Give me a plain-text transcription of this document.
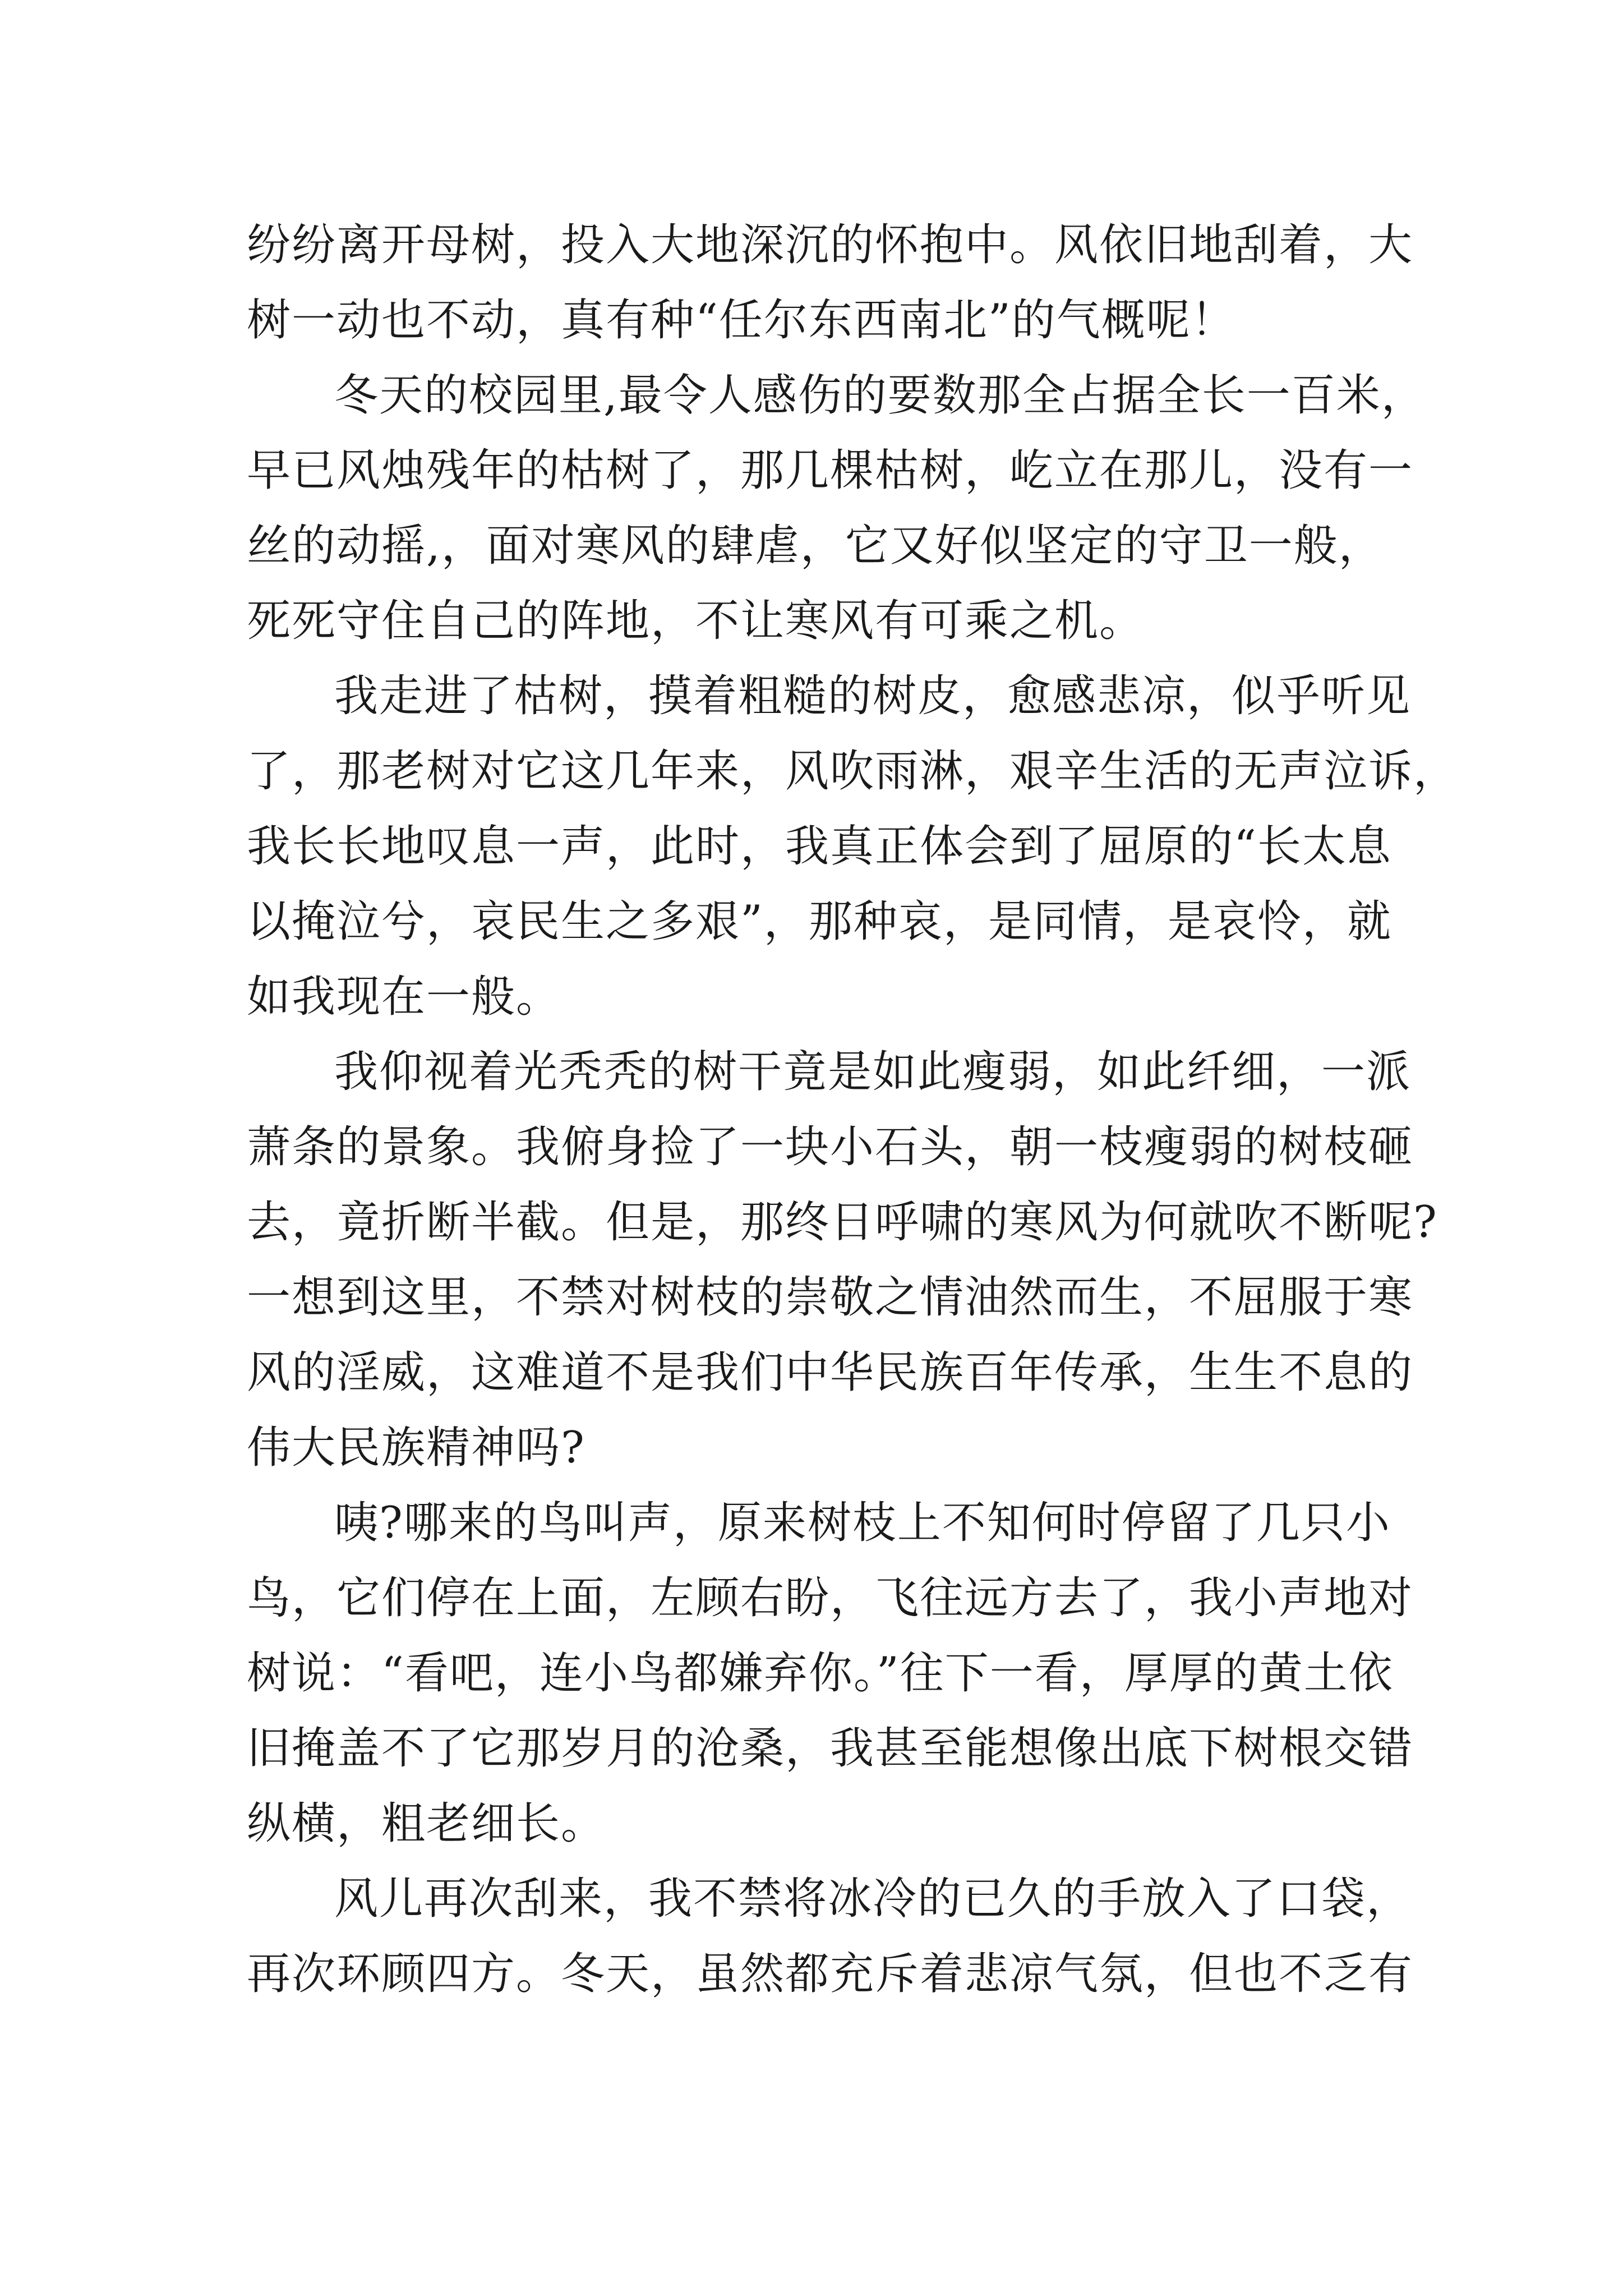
纷纷离开母树，投入大地深沉的怀抱中。风依旧地刮着，大
树一动也不动，真有种“任尔东西南北”的气概呢！

冬天的校园里,最令人感伤的要数那全占据全长一百米，
早已风烛残年的枯树了，那几棵枯树，屹立在那儿，没有一
丝的动摇,，面对寒风的肆虐，它又好似坚定的守卫一般，
死死守住自己的阵地，不让寒风有可乘之机。

我走进了枯树，摸着粗糙的树皮，愈感悲凉，似乎听见
了，那老树对它这几年来，风吹雨淋，艰辛生活的无声泣诉，
我长长地叹息一声，此时，我真正体会到了屈原的“长太息
以掩泣兮，哀民生之多艰”，那种哀，是同情，是哀怜，就
如我现在一般。

我仰视着光秃秃的树干竟是如此瘦弱，如此纤细，一派
萧条的景象。我俯身捡了一块小石头，朝一枝瘦弱的树枝砸
去，竟折断半截。但是，那终日呼啸的寒风为何就吹不断呢?
一想到这里，不禁对树枝的崇敬之情油然而生，不屈服于寒
风的淫威，这难道不是我们中华民族百年传承，生生不息的
伟大民族精神吗?

咦?哪来的鸟叫声，原来树枝上不知何时停留了几只小
鸟，它们停在上面，左顾右盼，飞往远方去了，我小声地对
树说：“看吧，连小鸟都嫌弃你。”往下一看，厚厚的黄土依
旧掩盖不了它那岁月的沧桑，我甚至能想像出底下树根交错
纵横，粗老细长。

风儿再次刮来，我不禁将冰冷的已久的手放入了口袋，
再次环顾四方。冬天，虽然都充斥着悲凉气氛，但也不乏有
